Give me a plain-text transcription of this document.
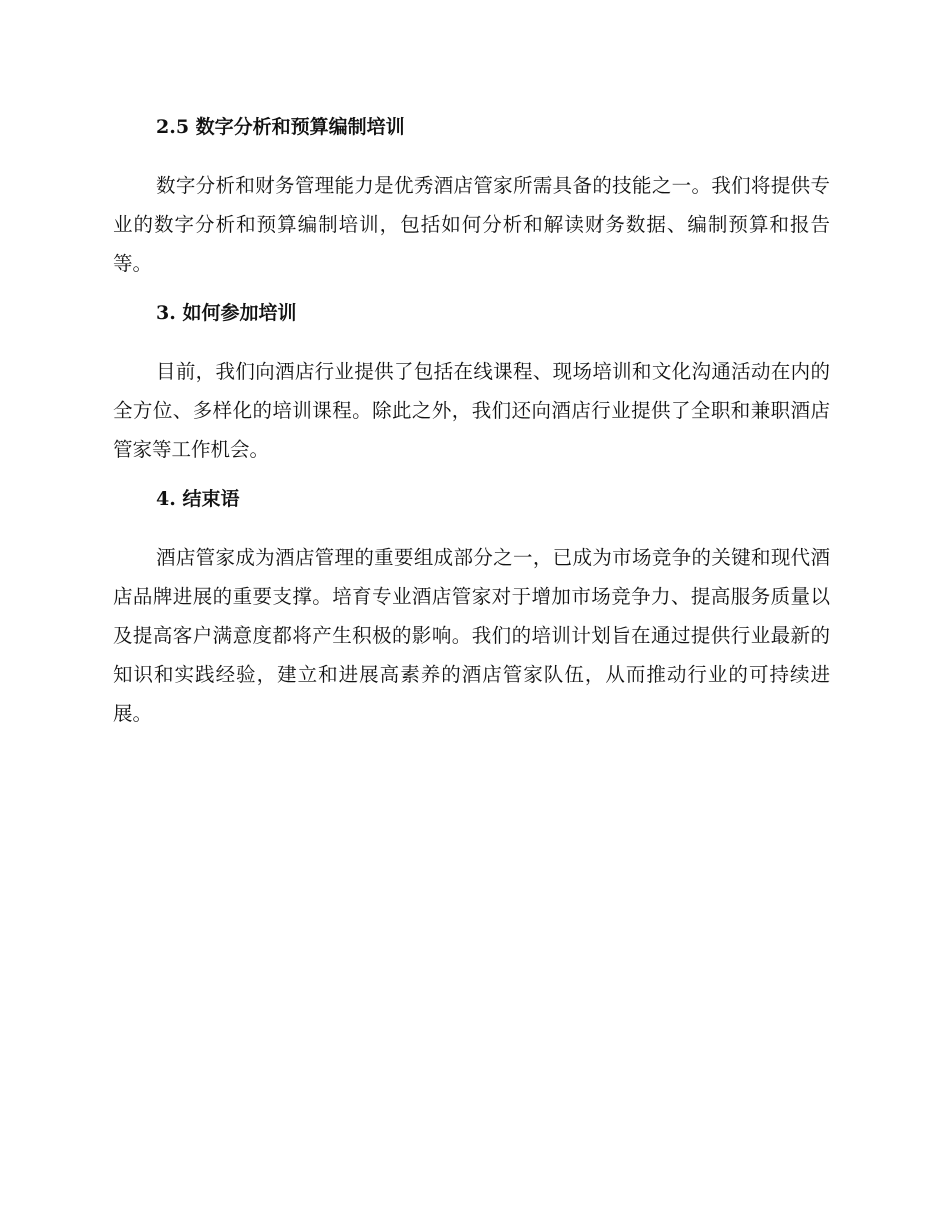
2.5 数字分析和预算编制培训

数字分析和财务管理能力是优秀酒店管家所需具备的技能之一。我们将提供专业的数字分析和预算编制培训，包括如何分析和解读财务数据、编制预算和报告等。

3. 如何参加培训

目前，我们向酒店行业提供了包括在线课程、现场培训和文化沟通活动在内的全方位、多样化的培训课程。除此之外，我们还向酒店行业提供了全职和兼职酒店管家等工作机会。

4. 结束语

酒店管家成为酒店管理的重要组成部分之一，已成为市场竞争的关键和现代酒店品牌进展的重要支撑。培育专业酒店管家对于增加市场竞争力、提高服务质量以及提高客户满意度都将产生积极的影响。我们的培训计划旨在通过提供行业最新的知识和实践经验，建立和进展高素养的酒店管家队伍，从而推动行业的可持续进展。
